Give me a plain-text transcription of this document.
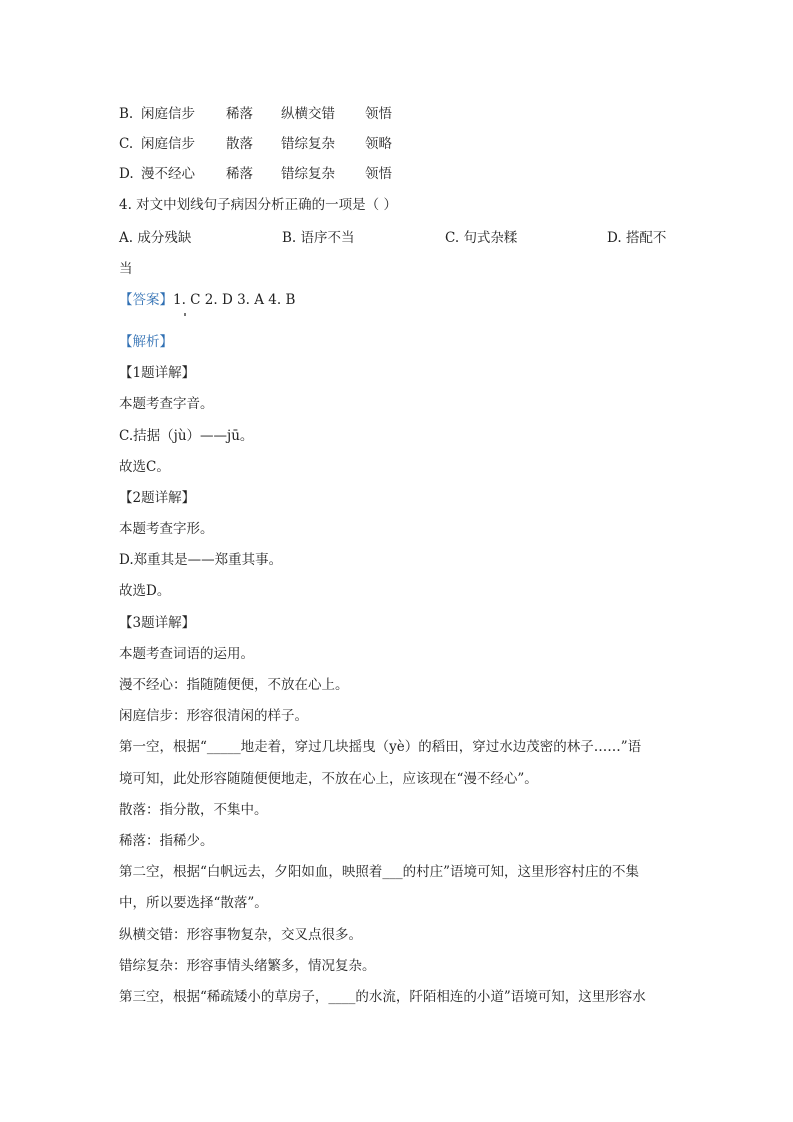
B. 闲庭信步 稀落 纵横交错 领悟
C. 闲庭信步 散落 错综复杂 领略
D. 漫不经心 稀落 错综复杂 领悟
4. 对文中划线句子病因分析正确的一项是（ ）
A. 成分残缺	B. 语序不当	C. 句式杂糅	D. 搭配不
当
【答案】1. C 2. D 3. A 4. B
【解析】
【1题详解】
本题考查字音。
C.拮据（jù）——jū。
故选C。
【2题详解】
本题考查字形。
D.郑重其是——郑重其事。
故选D。
【3题详解】
本题考查词语的运用。
漫不经心：指随随便便，不放在心上。
闲庭信步：形容很清闲的样子。
第一空，根据“_____地走着，穿过几块摇曳（yè）的稻田，穿过水边茂密的林子……”语
境可知，此处形容随随便便地走，不放在心上，应该现在“漫不经心”。
散落：指分散，不集中。
稀落：指稀少。
第二空，根据“白帆远去，夕阳如血，映照着___的村庄”语境可知，这里形容村庄的不集
中，所以要选择“散落”。
纵横交错：形容事物复杂，交叉点很多。
错综复杂：形容事情头绪繁多，情况复杂。
第三空，根据“稀疏矮小的草房子，____的水流，阡陌相连的小道”语境可知，这里形容水
